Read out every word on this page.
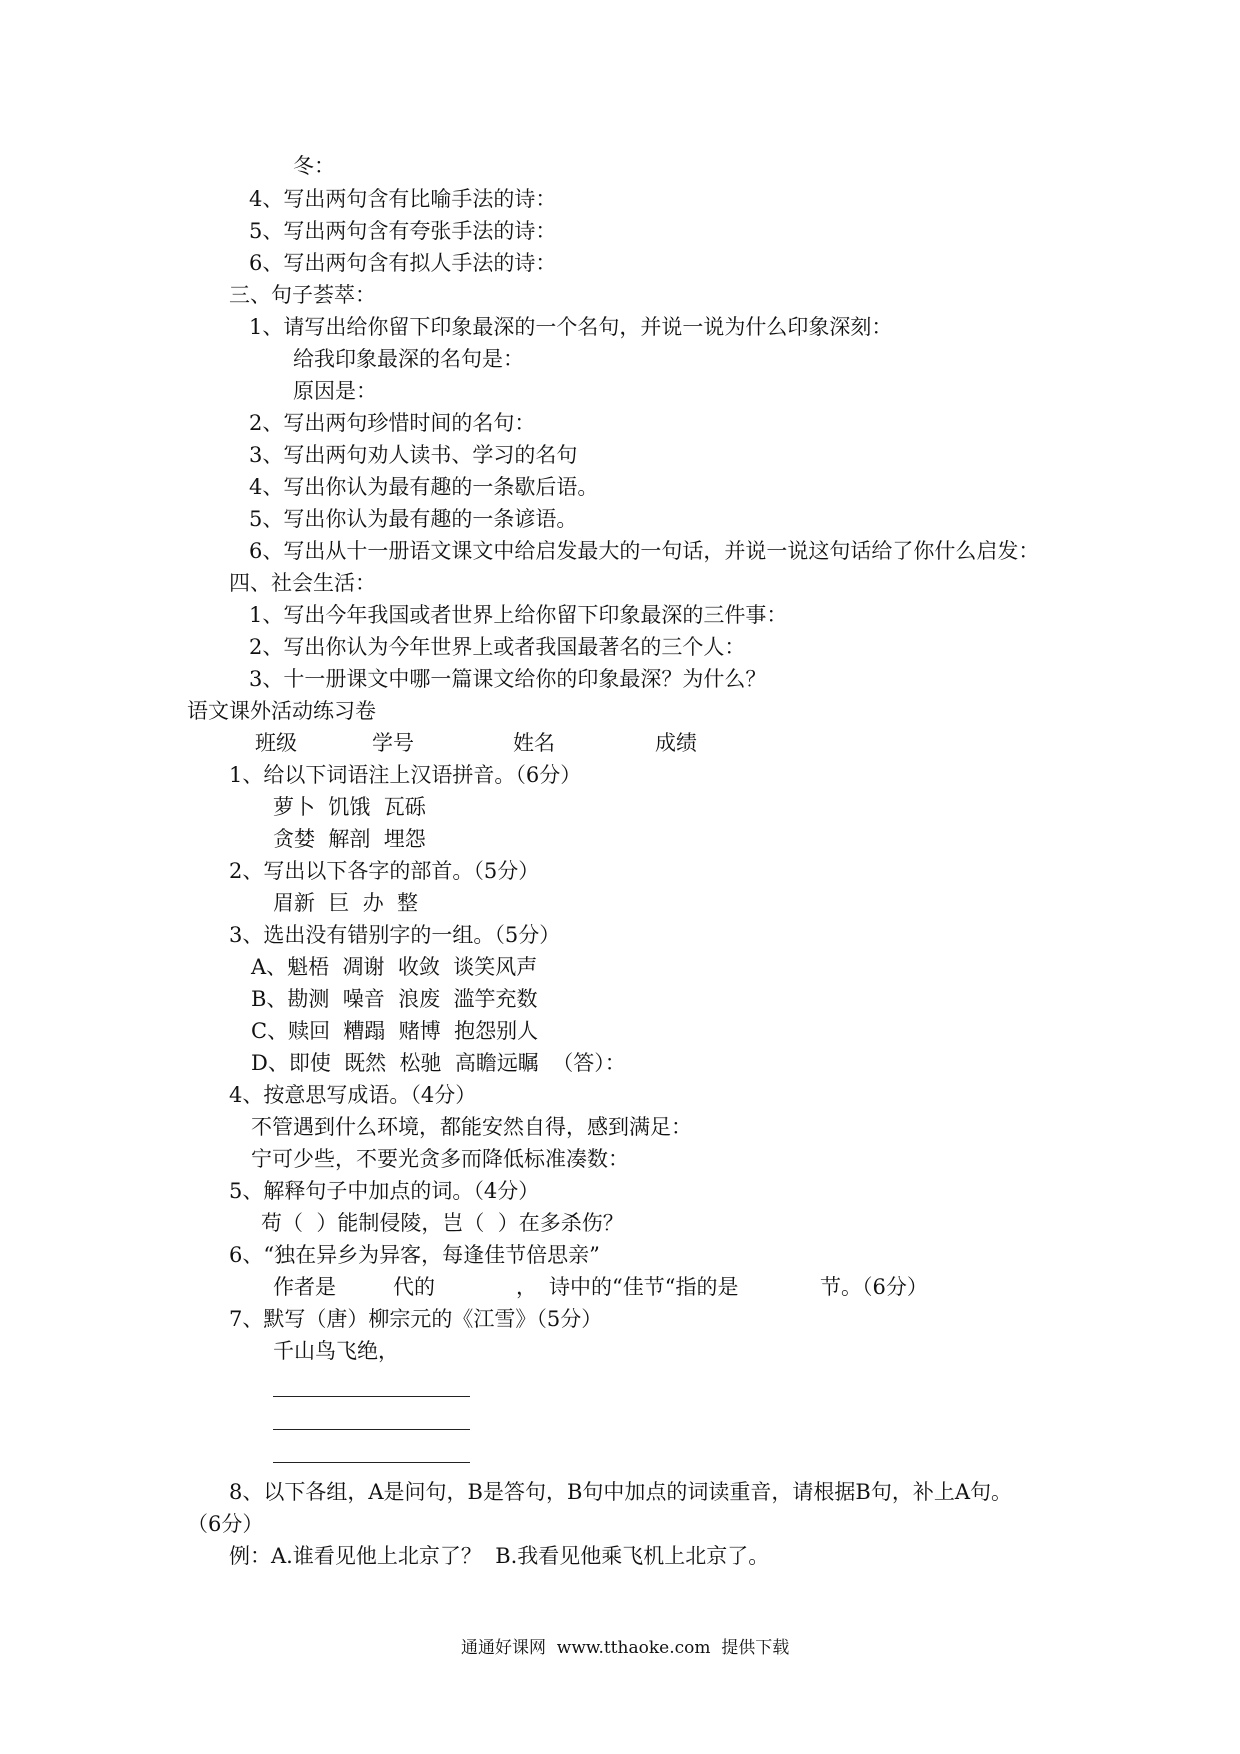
冬：
4、写出两句含有比喻手法的诗：
5、写出两句含有夸张手法的诗：
6、写出两句含有拟人手法的诗：
三、句子荟萃：
1、请写出给你留下印象最深的一个名句，并说一说为什么印象深刻：
给我印象最深的名句是：
原因是：
2、写出两句珍惜时间的名句：
3、写出两句劝人读书、学习的名句
4、写出你认为最有趣的一条歇后语。
5、写出你认为最有趣的一条谚语。
6、写出从十一册语文课文中给启发最大的一句话，并说一说这句话给了你什么启发：
四、社会生活：
1、写出今年我国或者世界上给你留下印象最深的三件事：
2、写出你认为今年世界上或者我国最著名的三个人：
3、十一册课文中哪一篇课文给你的印象最深？为什么？
语文课外活动练习卷
班级	学号	姓名	成绩
1、给以下词语注上汉语拼音。（6分）
萝卜  饥饿  瓦砾
贪婪  解剖  埋怨
2、写出以下各字的部首。（5分）
眉新  巨  办  整
3、选出没有错别字的一组。（5分）
A、魁梧  凋谢  收敛  谈笑风声
B、勘测  噪音  浪废  滥竽充数
C、赎回  糟蹋  赌博  抱怨别人
D、即使  既然  松驰  高瞻远瞩  （答）：
4、按意思写成语。（4分）
不管遇到什么环境，都能安然自得，感到满足：
宁可少些，不要光贪多而降低标准凑数：
5、解释句子中加点的词。（4分）
苟（  ）能制侵陵，岂（  ）在多杀伤？
6、“独在异乡为异客，每逢佳节倍思亲”
作者是	代的	， 诗中的“佳节“指的是	节。（6分）
7、默写（唐）柳宗元的《江雪》（5分）
千山鸟飞绝，
8、以下各组，A是问句，B是答句，B句中加点的词读重音，请根据B句，补上A句。
（6分）
例：A.谁看见他上北京了？  B.我看见他乘飞机上北京了。
通通好课网  www.tthaoke.com  提供下载
